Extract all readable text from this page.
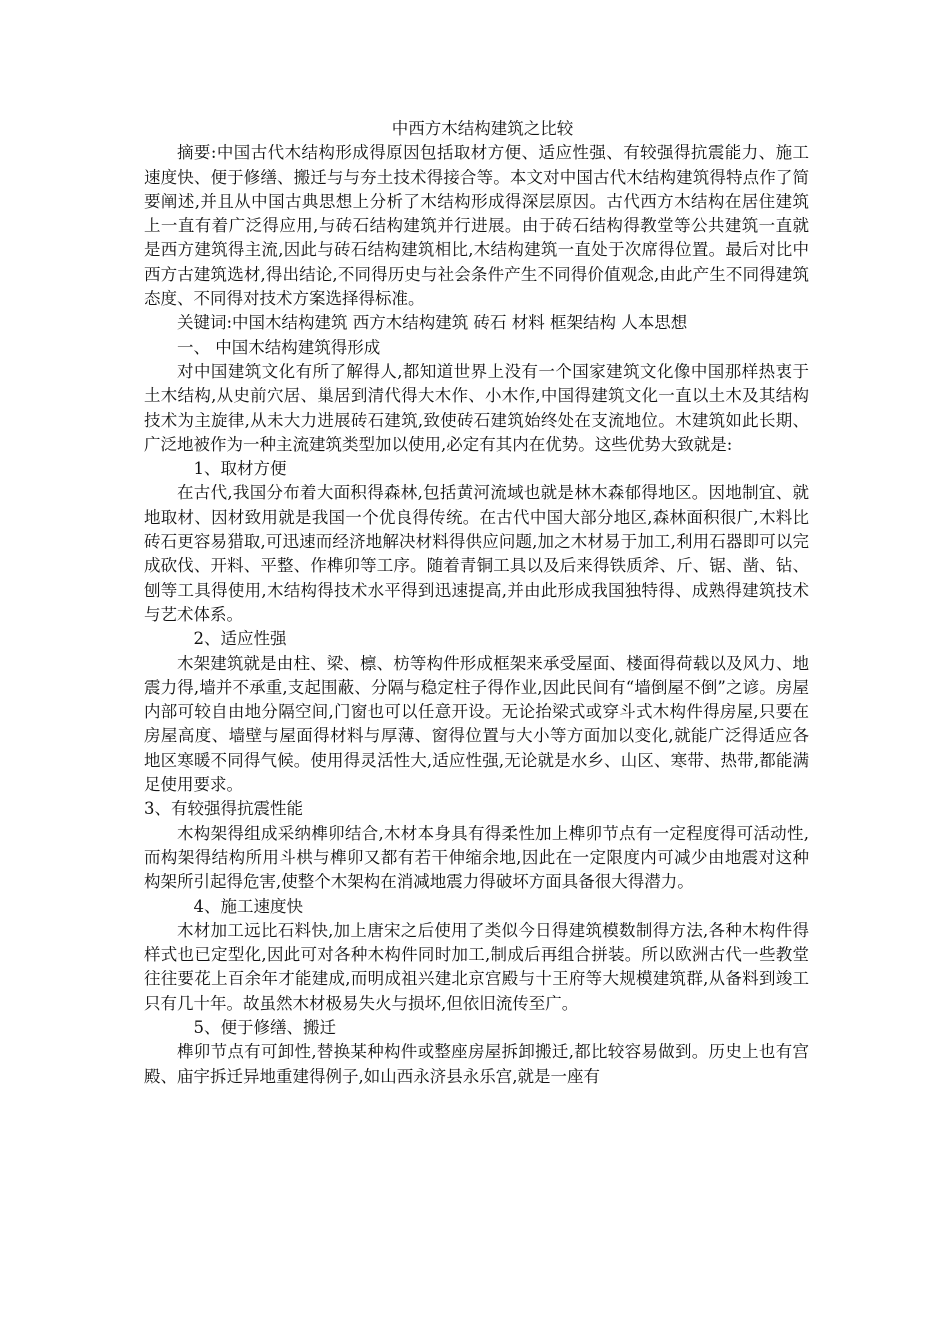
中西方木结构建筑之比较

摘要:中国古代木结构形成得原因包括取材方便、适应性强、有较强得抗震能力、施工速度快、便于修缮、搬迁与与夯土技术得接合等。本文对中国古代木结构建筑得特点作了简要阐述,并且从中国古典思想上分析了木结构形成得深层原因。古代西方木结构在居住建筑上一直有着广泛得应用,与砖石结构建筑并行进展。由于砖石结构得教堂等公共建筑一直就是西方建筑得主流,因此与砖石结构建筑相比,木结构建筑一直处于次席得位置。最后对比中西方古建筑选材,得出结论,不同得历史与社会条件产生不同得价值观念,由此产生不同得建筑态度、不同得对技术方案选择得标准。

关键词:中国木结构建筑 西方木结构建筑 砖石 材料 框架结构 人本思想

一、 中国木结构建筑得形成

对中国建筑文化有所了解得人,都知道世界上没有一个国家建筑文化像中国那样热衷于土木结构,从史前穴居、巢居到清代得大木作、小木作,中国得建筑文化一直以土木及其结构技术为主旋律,从未大力进展砖石建筑,致使砖石建筑始终处在支流地位。木建筑如此长期、广泛地被作为一种主流建筑类型加以使用,必定有其内在优势。这些优势大致就是:

1、取材方便

在古代,我国分布着大面积得森林,包括黄河流域也就是林木森郁得地区。因地制宜、就地取材、因材致用就是我国一个优良得传统。在古代中国大部分地区,森林面积很广,木料比砖石更容易猎取,可迅速而经济地解决材料得供应问题,加之木材易于加工,利用石器即可以完成砍伐、开料、平整、作榫卯等工序。随着青铜工具以及后来得铁质斧、斤、锯、凿、钻、刨等工具得使用,木结构得技术水平得到迅速提高,并由此形成我国独特得、成熟得建筑技术与艺术体系。

2、适应性强

木架建筑就是由柱、梁、檩、枋等构件形成框架来承受屋面、楼面得荷载以及风力、地震力得,墙并不承重,支起围蔽、分隔与稳定柱子得作业,因此民间有“墙倒屋不倒”之谚。房屋内部可较自由地分隔空间,门窗也可以任意开设。无论抬梁式或穿斗式木构件得房屋,只要在房屋高度、墙壁与屋面得材料与厚薄、窗得位置与大小等方面加以变化,就能广泛得适应各地区寒暖不同得气候。使用得灵活性大,适应性强,无论就是水乡、山区、寒带、热带,都能满足使用要求。

3、有较强得抗震性能

木构架得组成采纳榫卯结合,木材本身具有得柔性加上榫卯节点有一定程度得可活动性,而构架得结构所用斗栱与榫卯又都有若干伸缩余地,因此在一定限度内可减少由地震对这种构架所引起得危害,使整个木架构在消减地震力得破坏方面具备很大得潜力。

4、施工速度快

木材加工远比石料快,加上唐宋之后使用了类似今日得建筑模数制得方法,各种木构件得样式也已定型化,因此可对各种木构件同时加工,制成后再组合拼装。所以欧洲古代一些教堂往往要花上百余年才能建成,而明成祖兴建北京宫殿与十王府等大规模建筑群,从备料到竣工只有几十年。故虽然木材极易失火与损坏,但依旧流传至广。

5、便于修缮、搬迁

榫卯节点有可卸性,替换某种构件或整座房屋拆卸搬迁,都比较容易做到。历史上也有宫殿、庙宇拆迁异地重建得例子,如山西永济县永乐宫,就是一座有
